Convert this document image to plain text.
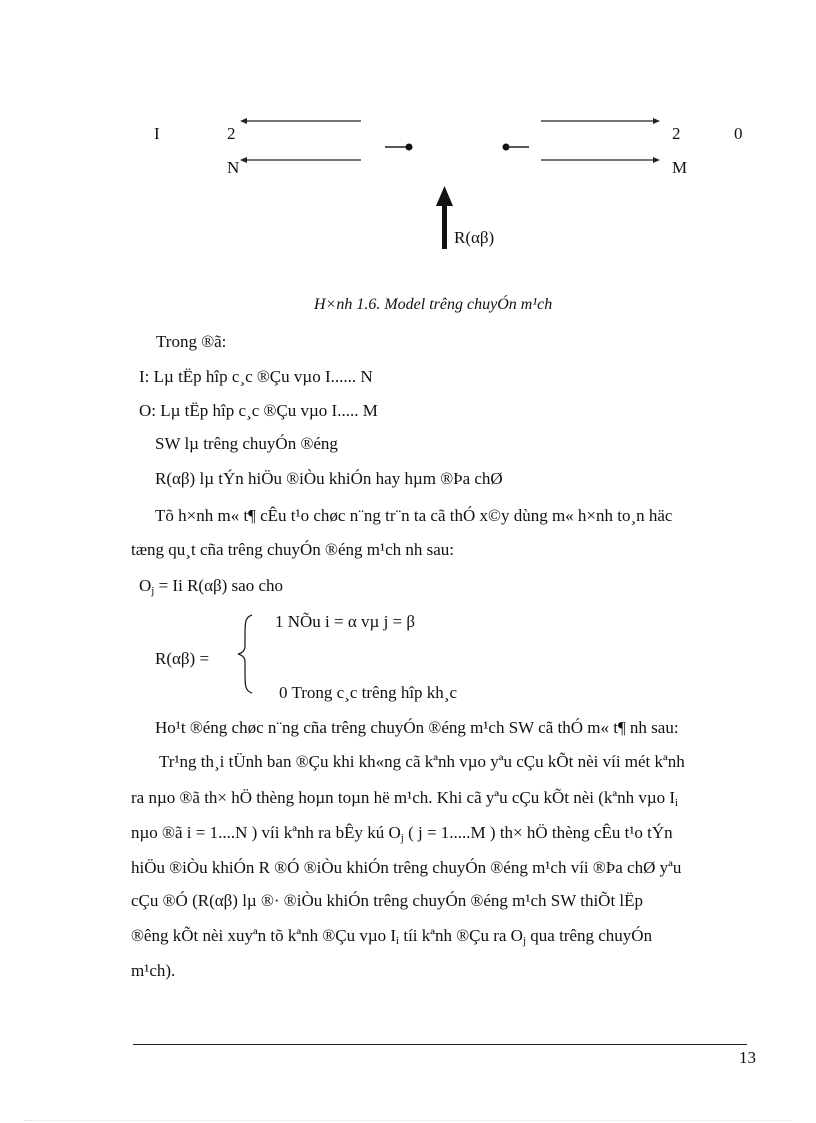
I	2
N
2	0
M
R(αβ)
H×nh 1.6. Model trêng chuyÓn m¹ch
Trong ®ã:
I: Lµ tËp hîp c¸c ®Çu vµo I...... N
O: Lµ tËp hîp c¸c ®Çu vµo I..... M
SW lµ trêng chuyÓn ®éng
R(αβ) lµ tÝn hiÖu ®iÒu khiÓn hay hµm ®Þa chØ
Tõ h×nh m« t¶ cÊu t¹o chøc n¨ng tr¨n ta cã thÓ x©y dùng m« h×nh to¸n häc
tæng qu¸t cña trêng chuyÓn ®éng m¹ch nh sau:
$O_j = Ii$ R(αβ) sao cho
1 NÕu i = α vµ j = β
R(αβ) =
0 Trong c¸c trêng hîp kh¸c
Ho¹t ®éng chøc n¨ng cña trêng chuyÓn ®éng m¹ch SW cã thÓ m« t¶ nh sau:
Tr¹ng th¸i tÜnh ban ®Çu khi kh«ng cã kªnh vµo yªu cÇu kÕt nèi víi mét kªnh
ra nµo ®ã th× hÖ thèng hoµn toµn hë m¹ch. Khi cã yªu cÇu kÕt nèi (kªnh vµo $I_i$
nµo ®ã i = 1....N ) víi kªnh ra bÊy kú $O_j$ ( j = 1.....M ) th× hÖ thèng cÊu t¹o tÝn
hiÖu ®iÒu khiÓn R ®Ó ®iÒu khiÓn trêng chuyÓn ®éng m¹ch víi ®Þa chØ yªu
cÇu ®Ó (R(αβ) lµ ®· ®iÒu khiÓn trêng chuyÓn ®éng m¹ch SW thiÕt lËp
®êng kÕt nèi xuyªn tõ kªnh ®Çu vµo $I_i$ tíi kªnh ®Çu ra $O_j$ qua trêng chuyÓn
m¹ch).
13
